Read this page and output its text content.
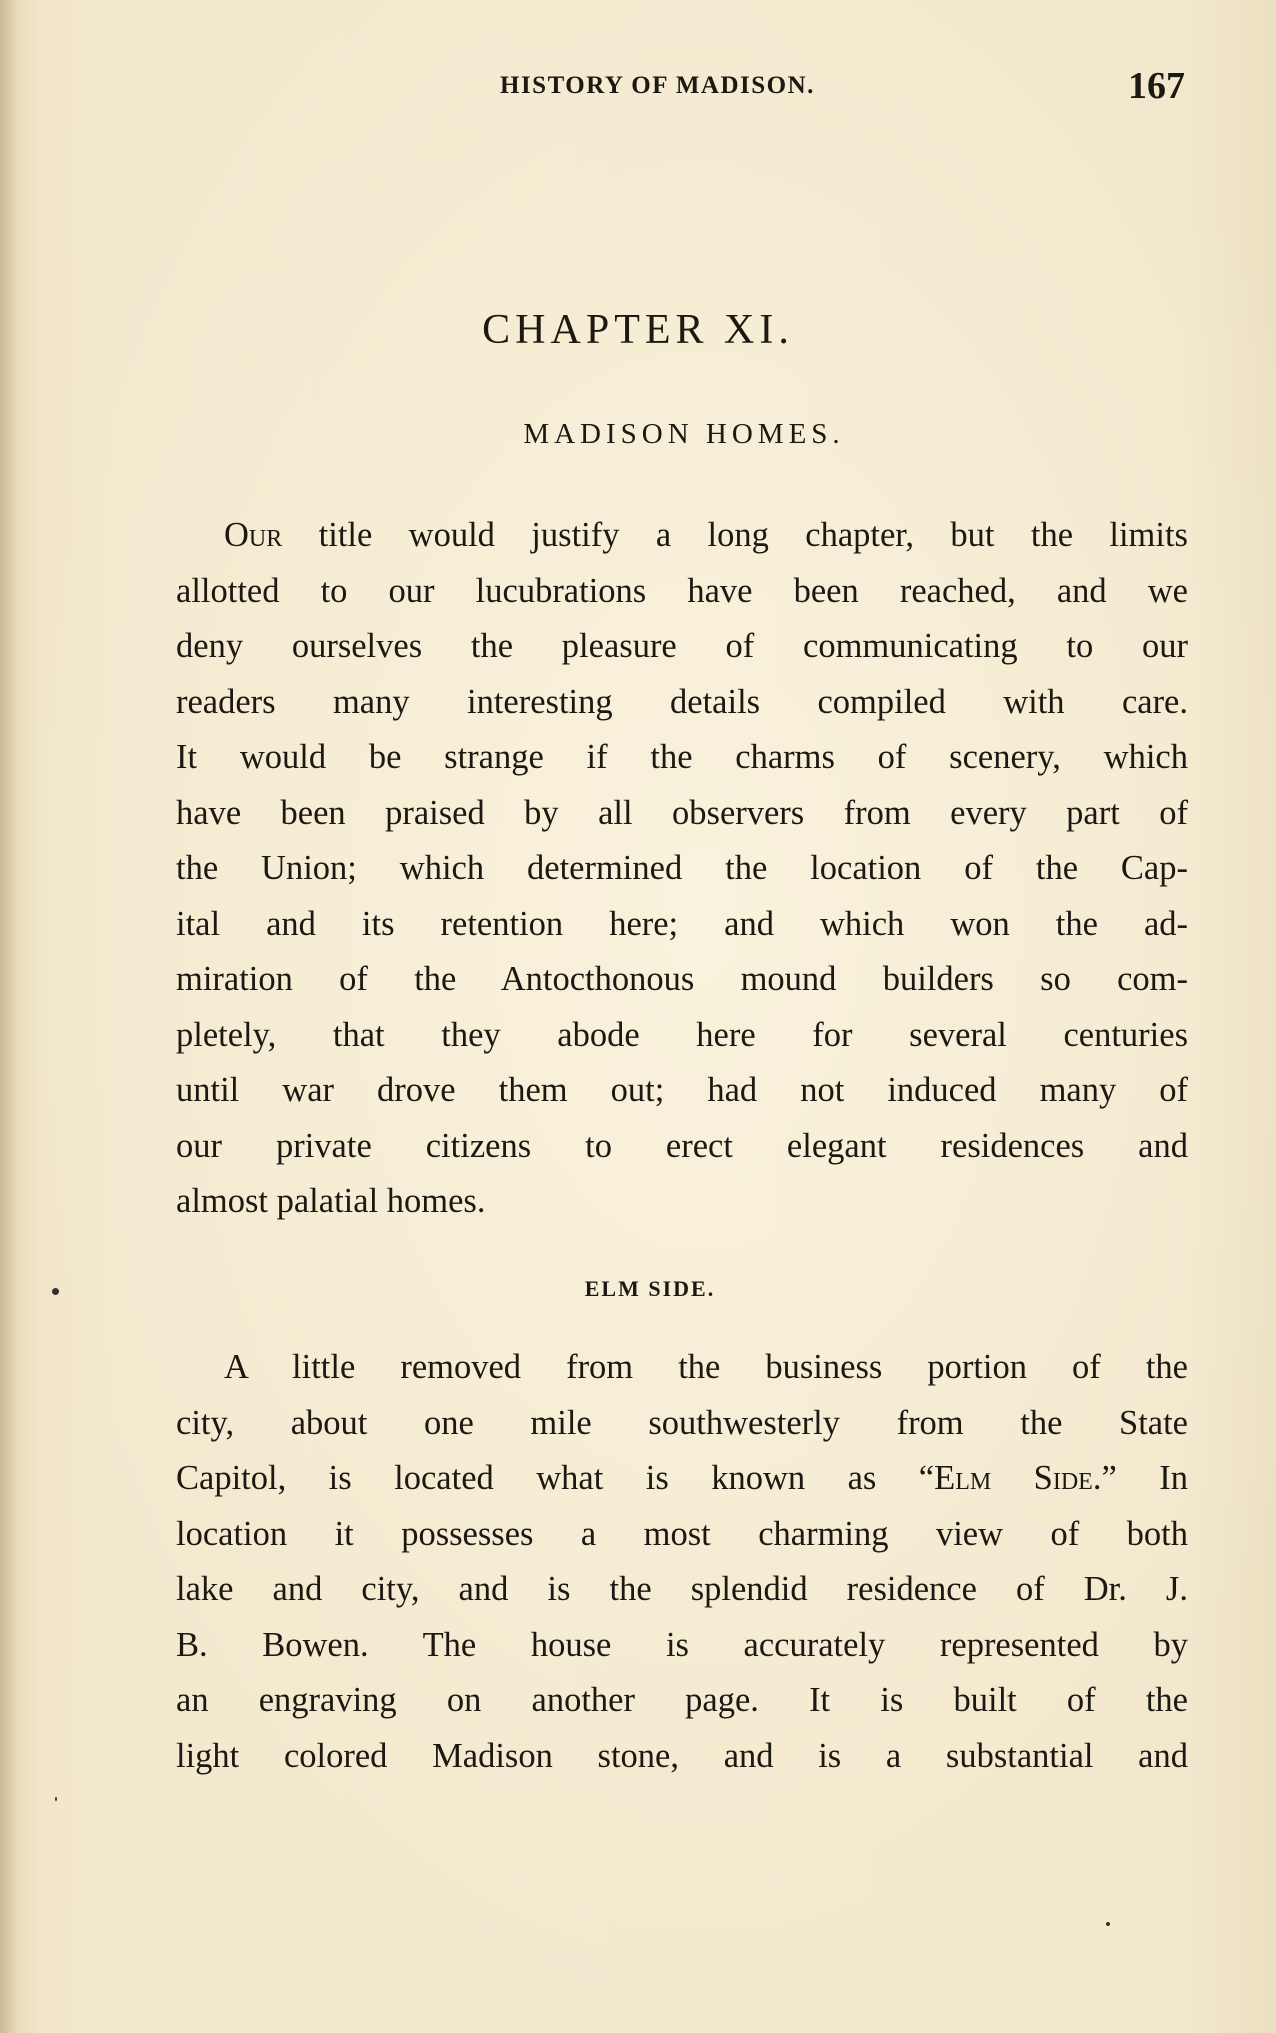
HISTORY OF MADISON.	167
CHAPTER XI.
MADISON HOMES.
Our title would justify a long chapter, but the limits
allotted to our lucubrations have been reached, and we
deny ourselves the pleasure of communicating to our
readers many interesting details compiled with care.
It would be strange if the charms of scenery, which
have been praised by all observers from every part of
the Union; which determined the location of the Cap-
ital and its retention here; and which won the ad-
miration of the Antocthonous mound builders so com-
pletely, that they abode here for several centuries
until war drove them out; had not induced many of
our private citizens to erect elegant residences and
almost palatial homes.
ELM SIDE.
A little removed from the business portion of the
city, about one mile southwesterly from the State
Capitol, is located what is known as “Elm Side.” In
location it possesses a most charming view of both
lake and city, and is the splendid residence of Dr. J.
B. Bowen. The house is accurately represented by
an engraving on another page. It is built of the
light colored Madison stone, and is a substantial and
